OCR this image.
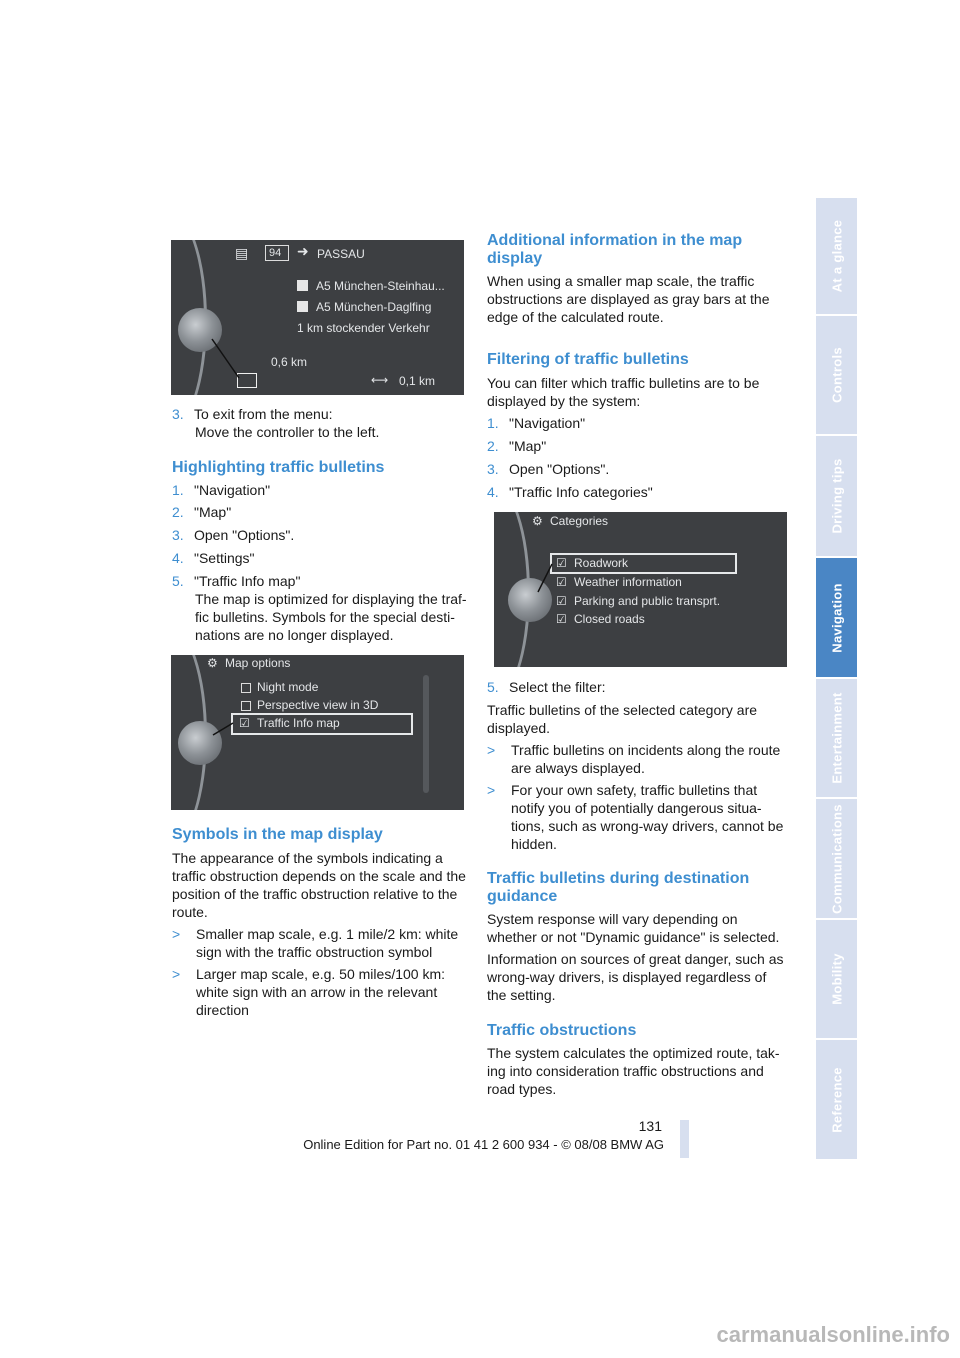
▤ 94 ➜ PASSAU
A5 München-Steinhau...
A5 München-Daglfing
1 km stockender Verkehr
0,6 km
⟷ 0,1 km
3. To exit from the menu:
Move the controller to the left.
Highlighting traffic bulletins
1. "Navigation"
2. "Map"
3. Open "Options".
4. "Settings"
5. "Traffic Info map"
The map is optimized for displaying the traf-
fic bulletins. Symbols for the special desti-
nations are no longer displayed.
⚙ Map options
Night mode
Perspective view in 3D
☑ Traffic Info map
Symbols in the map display
The appearance of the symbols indicating a
traffic obstruction depends on the scale and the
position of the traffic obstruction relative to the
route.
> Smaller map scale, e.g. 1 mile/2 km: white
sign with the traffic obstruction symbol
> Larger map scale, e.g. 50 miles/100 km:
white sign with an arrow in the relevant
direction
Additional information in the map
display
When using a smaller map scale, the traffic
obstructions are displayed as gray bars at the
edge of the calculated route.
Filtering of traffic bulletins
You can filter which traffic bulletins are to be
displayed by the system:
1. "Navigation"
2. "Map"
3. Open "Options".
4. "Traffic Info categories"
⚙ Categories
☑ Roadwork
☑ Weather information
☑ Parking and public transprt.
☑ Closed roads
5. Select the filter:
Traffic bulletins of the selected category are
displayed.
> Traffic bulletins on incidents along the route
are always displayed.
> For your own safety, traffic bulletins that
notify you of potentially dangerous situa-
tions, such as wrong-way drivers, cannot be
hidden.
Traffic bulletins during destination
guidance
System response will vary depending on
whether or not "Dynamic guidance" is selected.
Information on sources of great danger, such as
wrong-way drivers, is displayed regardless of
the setting.
Traffic obstructions
The system calculates the optimized route, tak-
ing into consideration traffic obstructions and
road types.
131
Online Edition for Part no. 01 41 2 600 934 - © 08/08 BMW AG
carmanualsonline.info
At a glance
Controls
Driving tips
Navigation
Entertainment
Communications
Mobility
Reference
